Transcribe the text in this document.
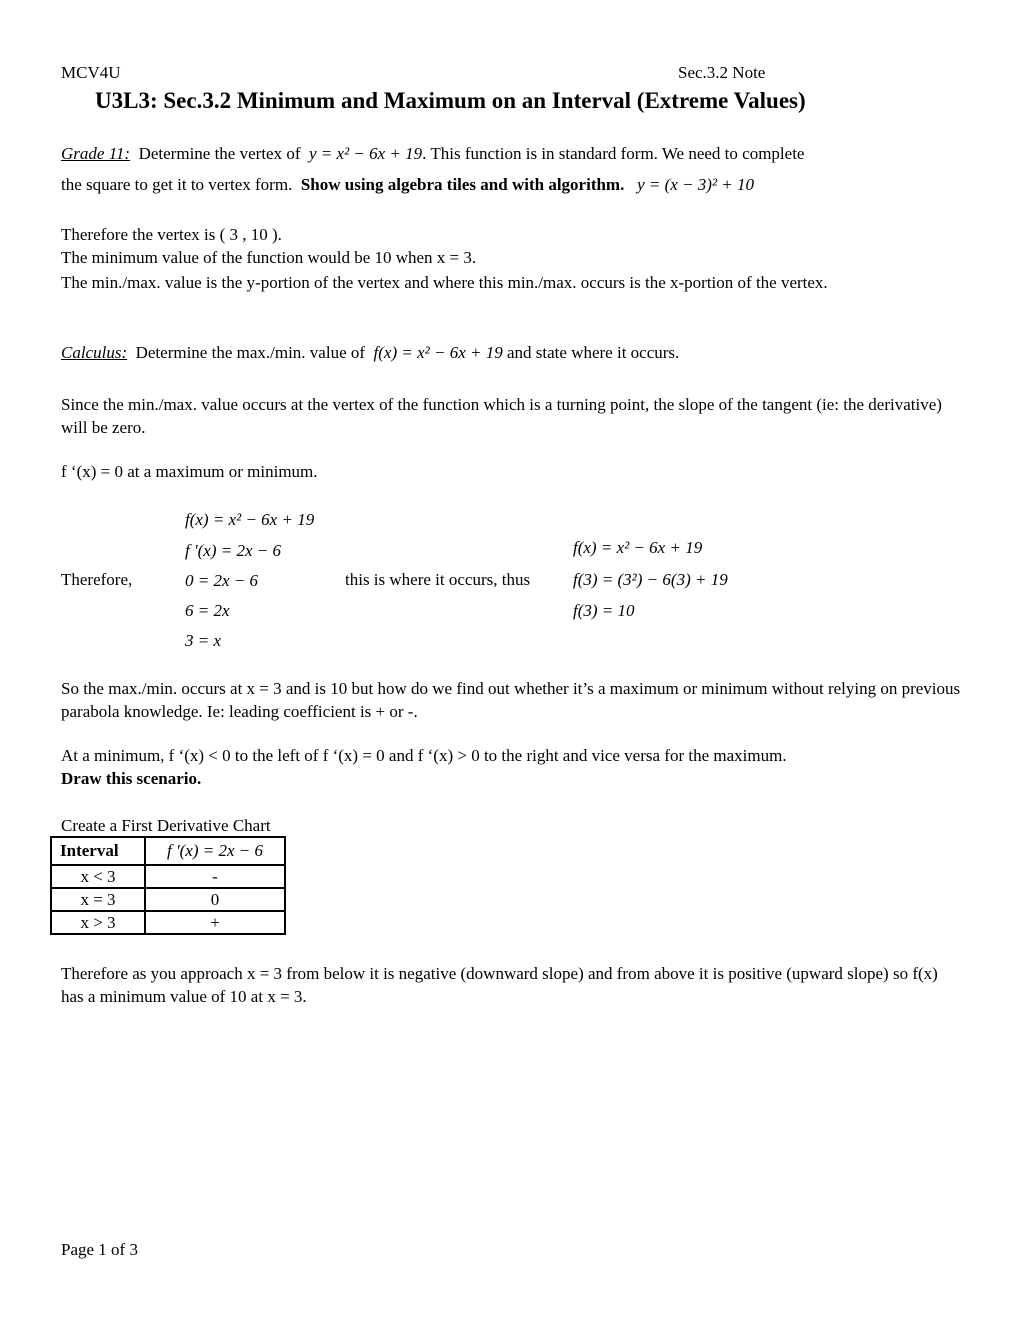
MCV4U	Sec.3.2 Note
U3L3: Sec.3.2 Minimum and Maximum on an Interval (Extreme Values)
Grade 11: Determine the vertex of y = x² − 6x + 19. This function is in standard form. We need to complete
the square to get it to vertex form. Show using algebra tiles and with algorithm. y = (x − 3)² + 10
Therefore the vertex is ( 3 , 10 ).
The minimum value of the function would be 10 when x = 3.
The min./max. value is the y-portion of the vertex and where this min./max. occurs is the x-portion of the vertex.
Calculus: Determine the max./min. value of f(x) = x² − 6x + 19 and state where it occurs.
Since the min./max. value occurs at the vertex of the function which is a turning point, the slope of the tangent (ie: the derivative) will be zero.
f ‘(x) = 0 at a maximum or minimum.
f(x) = x² − 6x + 19
f '(x) = 2x − 6
Therefore,	0 = 2x − 6	this is where it occurs, thus
6 = 2x
3 = x
f(x) = x² − 6x + 19
f(3) = (3²) − 6(3) + 19
f(3) = 10
So the max./min. occurs at x = 3 and is 10 but how do we find out whether it’s a maximum or minimum without relying on previous parabola knowledge. Ie: leading coefficient is + or -.
At a minimum, f ‘(x) < 0 to the left of f ‘(x) = 0 and f ‘(x) > 0 to the right and vice versa for the maximum.
Draw this scenario.
Create a First Derivative Chart
Interval	f '(x) = 2x − 6
x < 3	-
x = 3	0
x > 3	+
Therefore as you approach x = 3 from below it is negative (downward slope) and from above it is positive (upward slope) so f(x) has a minimum value of 10 at x = 3.
Page 1 of 3
